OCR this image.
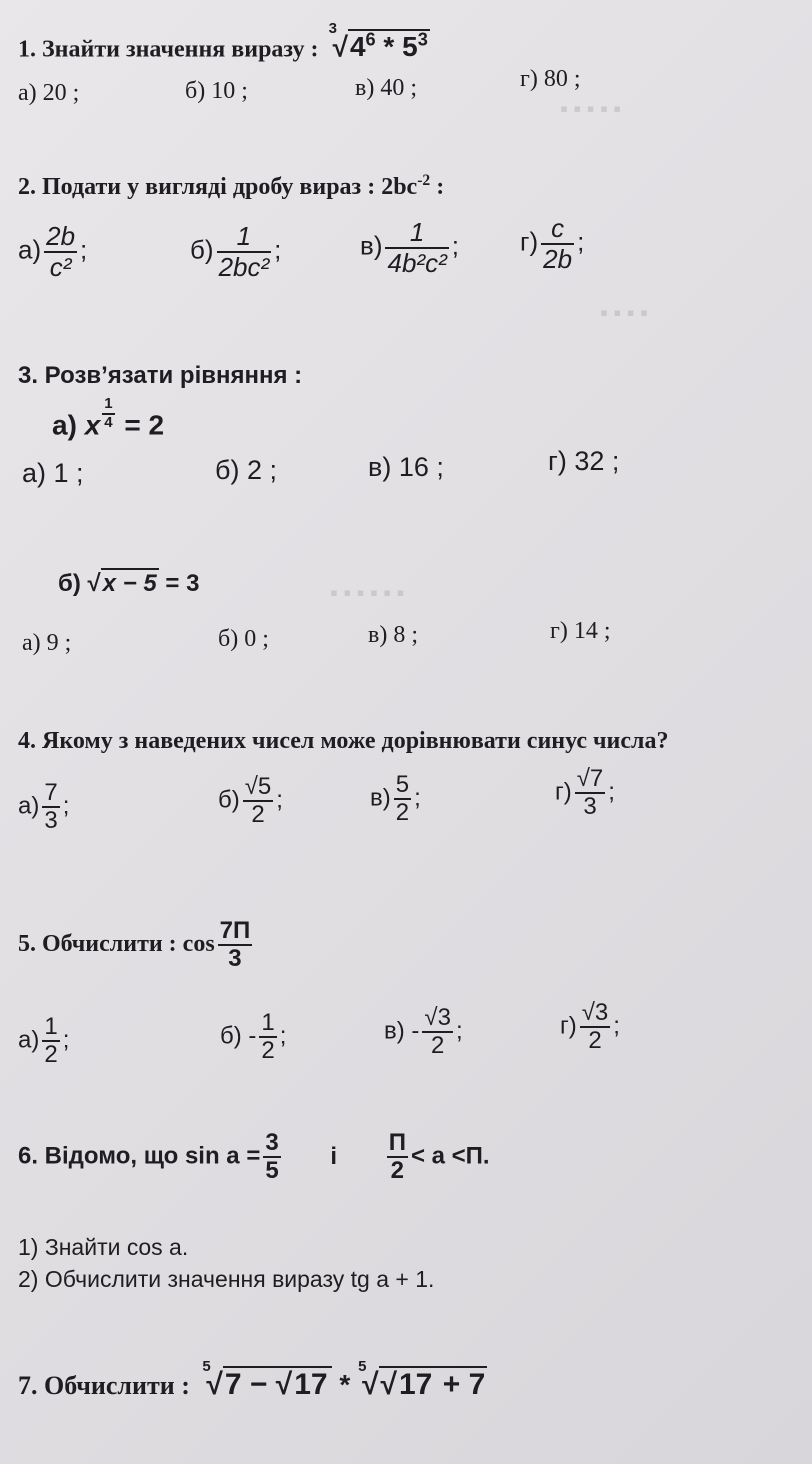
▪ ▪ ▪ ▪ ▪
▪ ▪ ▪ ▪
▪ ▪ ▪ ▪ ▪ ▪
1. Знайти значення виразу :
3
$√4^6 * 5^3$
а) 20 ;	б) 10 ;	в) 40 ;	г) 80 ;
2. Подати у вигляді дробу вираз : $2bc^{-2}$ :
$а) \frac{2b}{\text{c²}}$ ;	$б) \frac{1}{\text{2bc²}}$ ;	$в) \frac{1}{\text{4b²c²}}$ ; $г) \frac{c}{2b}$ ;
3. Розв’язати рівняння :
а) x $\frac{1}{4} = 2$
а) 1 ;	б) 2 ;	в) 16 ;	г) 32 ;
б) √x − 5 = 3
а) 9 ;	б) 0 ;	в) 8 ;	г) 14 ;
4. Якому з наведених чисел може дорівнювати синус числа?
$а) \frac{7}{3}$ ;	$б) \frac{√5}{2}$ ;	$в) \frac{5}{2}$ ;	$г) \frac{√7}{3}$ ;
5. Обчислити : $\cos \frac{7П}{3}$
$а) \frac{1}{2}$ ;	$б) - \frac{1}{2}$ ;	$в) - \frac{√3}{2}$ ;	$г) \frac{√3}{2}$ ;
6. Відомо, що $\sin a = \frac{3}{5}$ і $\frac{П}{2} < a <П$.
1) Знайти cos a.
2) Обчислити значення виразу tg a + 1.
7. Обчислити :
5
√7 − √17 *
5
√√17 + 7
